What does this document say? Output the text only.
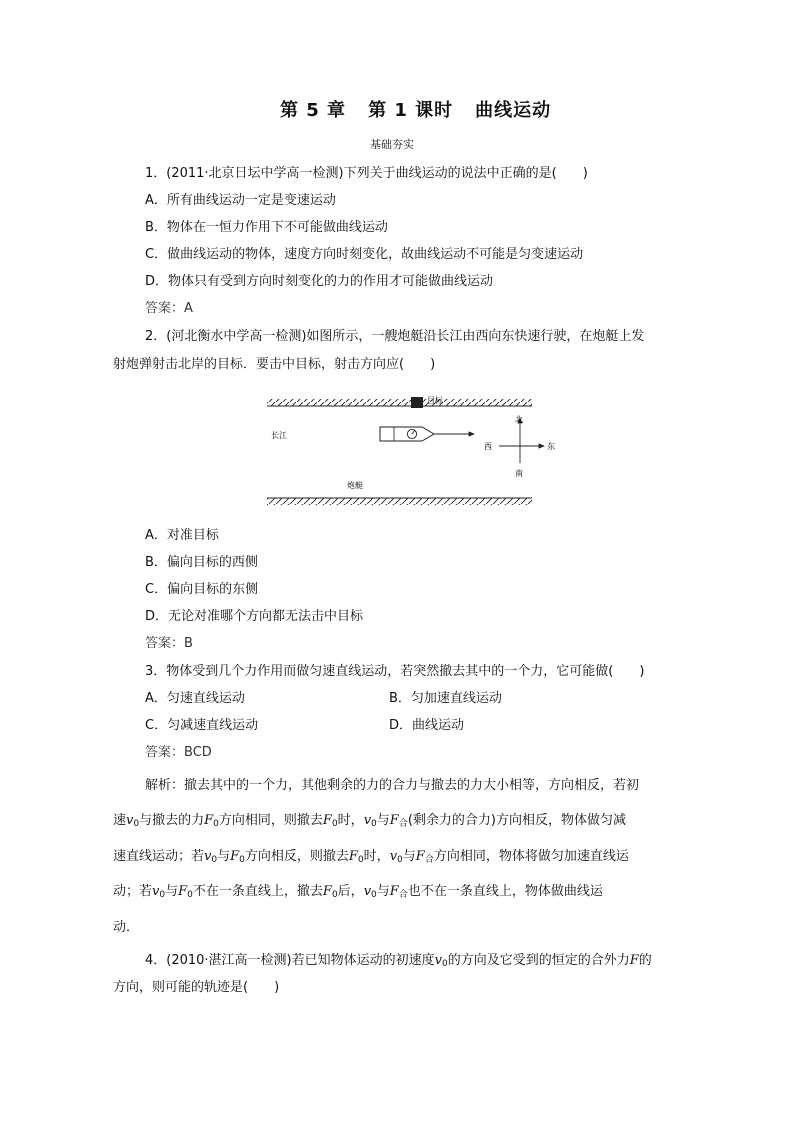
第 5 章 第 1 课时 曲线运动
基础夯实
1．(2011·北京日坛中学高一检测)下列关于曲线运动的说法中正确的是(　　)
A．所有曲线运动一定是变速运动
B．物体在一恒力作用下不可能做曲线运动
C．做曲线运动的物体，速度方向时刻变化，故曲线运动不可能是匀变速运动
D．物体只有受到方向时刻变化的力的作用才可能做曲线运动
答案：A
2．(河北衡水中学高一检测)如图所示，一艘炮艇沿长江由西向东快速行驶，在炮艇上发
射炮弹射击北岸的目标．要击中目标，射击方向应(　　)
目标
长江
炮艇
北
南
西	东
A．对准目标
B．偏向目标的西侧
C．偏向目标的东侧
D．无论对准哪个方向都无法击中目标
答案：B
3．物体受到几个力作用而做匀速直线运动，若突然撤去其中的一个力，它可能做(　　)
A．匀速直线运动	B．匀加速直线运动
C．匀减速直线运动	D．曲线运动
答案：BCD
解析：撤去其中的一个力，其他剩余的力的合力与撤去的力大小相等，方向相反，若初
速$v_0$与撤去的力$F_0$方向相同，则撤去$F_0$时，$v_0$与$F_合$(剩余力的合力)方向相反，物体做匀减
速直线运动；若$v_0$与$F_0$方向相反，则撤去$F_0$时，$v_0$与$F_合$方向相同，物体将做匀加速直线运
动；若$v_0$与$F_0$不在一条直线上，撤去$F_0$后，$v_0$与$F_合$也不在一条直线上，物体做曲线运
动．
4．(2010·湛江高一检测)若已知物体运动的初速度$v_0$的方向及它受到的恒定的合外力F的
方向，则可能的轨迹是(　　)
